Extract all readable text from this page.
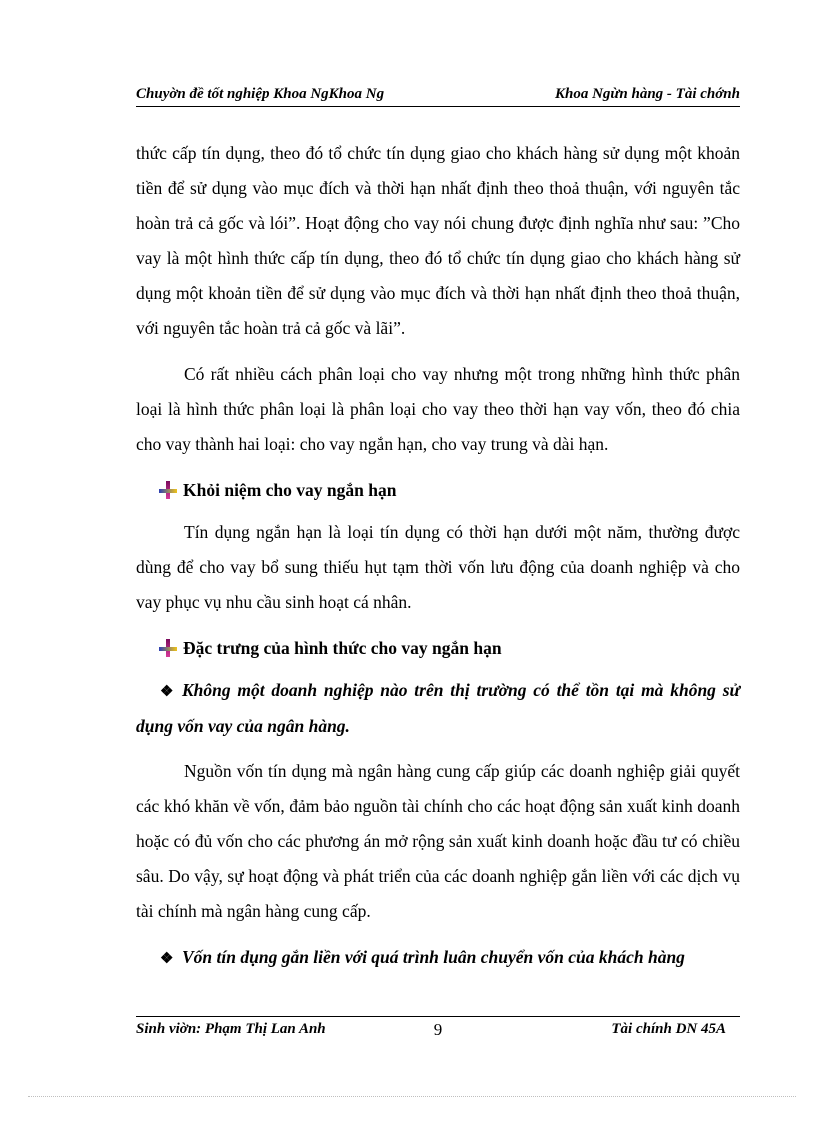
Chuyờn đề tốt nghiệp Khoa NgKhoa Ng	Khoa Ngừn hàng - Tài chớnh

thức cấp tín dụng, theo đó tổ chức tín dụng giao cho khách hàng sử dụng một khoản tiền để sử dụng vào mục đích và thời hạn nhất định theo thoả thuận, với nguyên tắc hoàn trả cả gốc và lói”. Hoạt động cho vay nói chung được định nghĩa như sau: ”Cho vay là một hình thức cấp tín dụng, theo đó tổ chức tín dụng giao cho khách hàng sử dụng một khoản tiền để sử dụng vào mục đích và thời hạn nhất định theo thoả thuận, với nguyên tắc hoàn trả cả gốc và lãi”.

Có rất nhiều cách phân loại cho vay nhưng một trong những hình thức phân loại là hình thức phân loại là phân loại cho vay theo thời hạn vay vốn, theo đó chia cho vay thành hai loại: cho vay ngắn hạn, cho vay trung và dài hạn.

Khỏi niệm cho vay ngắn hạn

Tín dụng ngắn hạn là loại tín dụng có thời hạn dưới một năm, thường được dùng để cho vay bổ sung thiếu hụt tạm thời vốn lưu động của doanh nghiệp và cho vay phục vụ nhu cầu sinh hoạt cá nhân.

Đặc trưng của hình thức cho vay ngắn hạn
❖ Không một doanh nghiệp nào trên thị trường có thể tồn tại mà không sử dụng vốn vay của ngân hàng.

Nguồn vốn tín dụng mà ngân hàng cung cấp giúp các doanh nghiệp giải quyết các khó khăn về vốn, đảm bảo nguồn tài chính cho các hoạt động sản xuất kinh doanh hoặc có đủ vốn cho các phương án mở rộng sản xuất kinh doanh hoặc đầu tư có chiều sâu. Do vậy, sự hoạt động và phát triển của các doanh nghiệp gắn liền với các dịch vụ tài chính mà ngân hàng cung cấp.

❖ Vốn tín dụng gắn liền với quá trình luân chuyển vốn của khách hàng
Sinh viờn: Phạm Thị Lan Anh	9	Tài chính DN 45A
